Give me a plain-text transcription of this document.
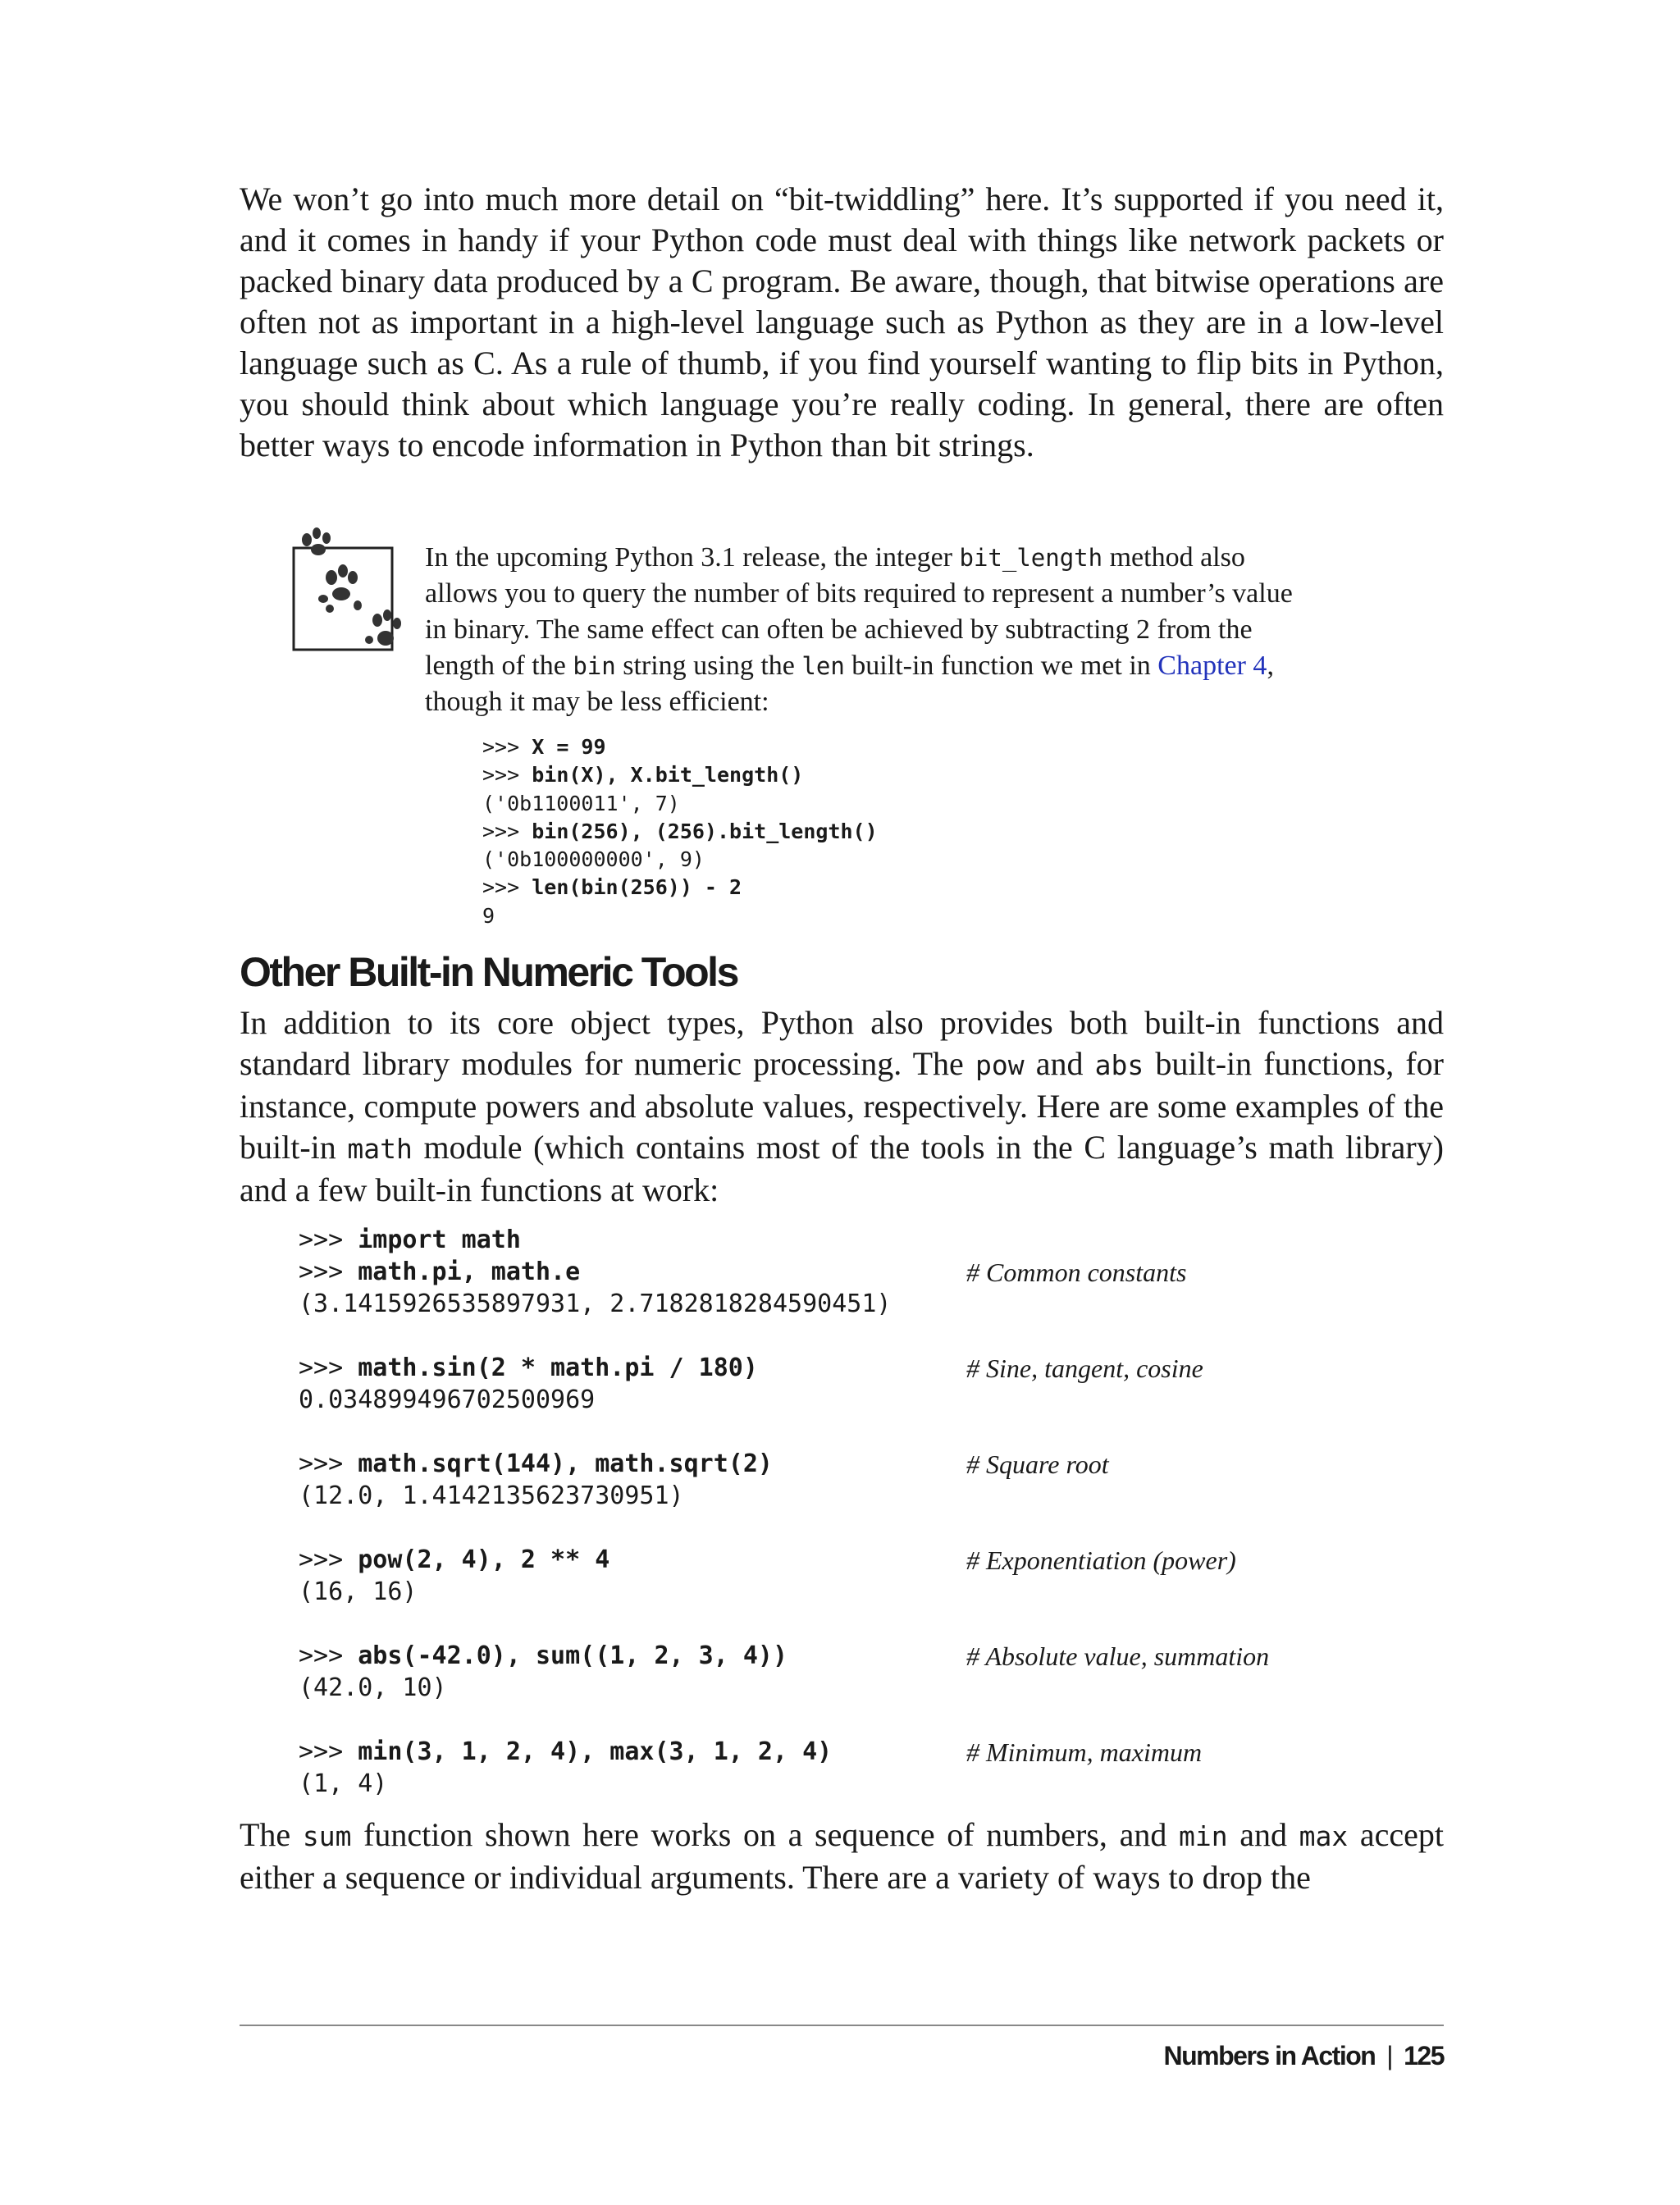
We won’t go into much more detail on “bit-twiddling” here. It’s supported if you need it, and it comes in handy if your Python code must deal with things like network packets or packed binary data produced by a C program. Be aware, though, that bitwise operations are often not as important in a high-level language such as Python as they are in a low-level language such as C. As a rule of thumb, if you find yourself wanting to flip bits in Python, you should think about which language you’re really coding. In general, there are often better ways to encode information in Python than bit strings.

In the upcoming Python 3.1 release, the integer bit_length method also allows you to query the number of bits required to represent a number’s value in binary. The same effect can often be achieved by subtracting 2 from the length of the bin string using the len built-in function we met in Chapter 4, though it may be less efficient:

>>> X = 99
>>> bin(X), X.bit_length()
('0b1100011', 7)
>>> bin(256), (256).bit_length()
('0b100000000', 9)
>>> len(bin(256)) - 2
9
Other Built-in Numeric Tools

In addition to its core object types, Python also provides both built-in functions and standard library modules for numeric processing. The pow and abs built-in functions, for instance, compute powers and absolute values, respectively. Here are some examples of the built-in math module (which contains most of the tools in the C language’s math library) and a few built-in functions at work:

>>> import math
>>> math.pi, math.e	# Common constants
(3.1415926535897931, 2.7182818284590451)
>>> math.sin(2 * math.pi / 180)	# Sine, tangent, cosine
0.034899496702500969
>>> math.sqrt(144), math.sqrt(2)	# Square root
(12.0, 1.4142135623730951)
>>> pow(2, 4), 2 ** 4	# Exponentiation (power)
(16, 16)
>>> abs(-42.0), sum((1, 2, 3, 4))	# Absolute value, summation
(42.0, 10)
>>> min(3, 1, 2, 4), max(3, 1, 2, 4)	# Minimum, maximum
(1, 4)

The sum function shown here works on a sequence of numbers, and min and max accept either a sequence or individual arguments. There are a variety of ways to drop the

Numbers in Action | 125
